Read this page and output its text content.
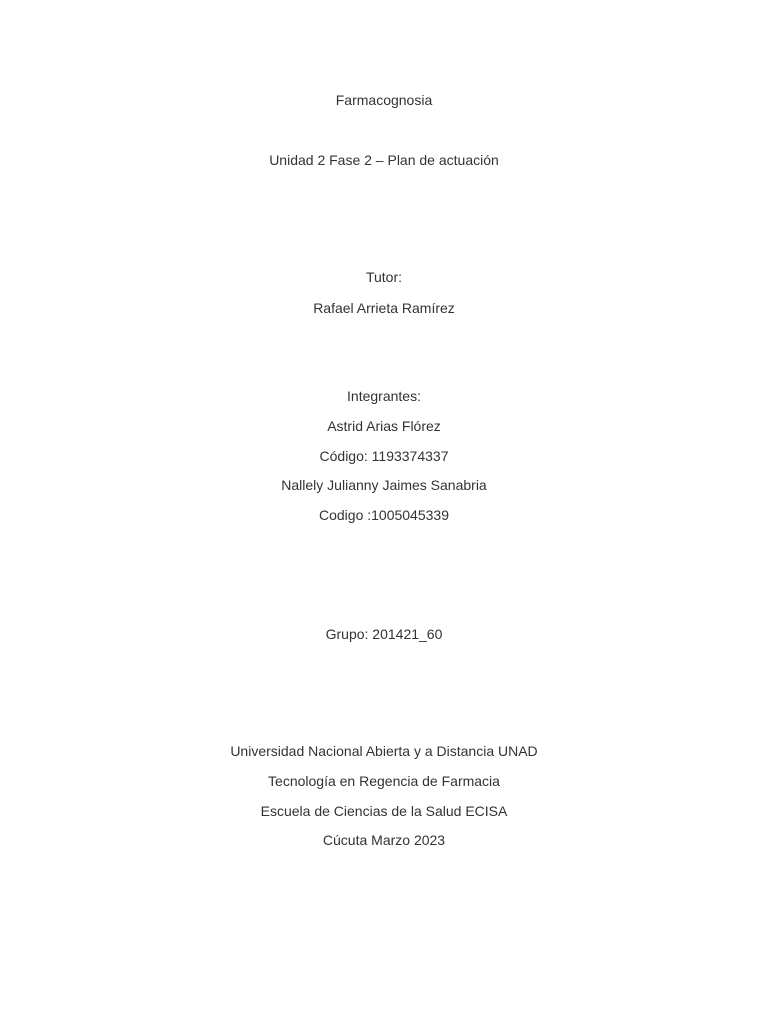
Farmacognosia
Unidad 2 Fase 2 – Plan de actuación
Tutor:
Rafael Arrieta Ramírez
Integrantes:
Astrid Arias Flórez
Código: 1193374337
Nallely Julianny Jaimes Sanabria
Codigo :1005045339
Grupo: 201421_60
Universidad Nacional Abierta y a Distancia UNAD
Tecnología en Regencia de Farmacia
Escuela de Ciencias de la Salud ECISA
Cúcuta Marzo 2023
